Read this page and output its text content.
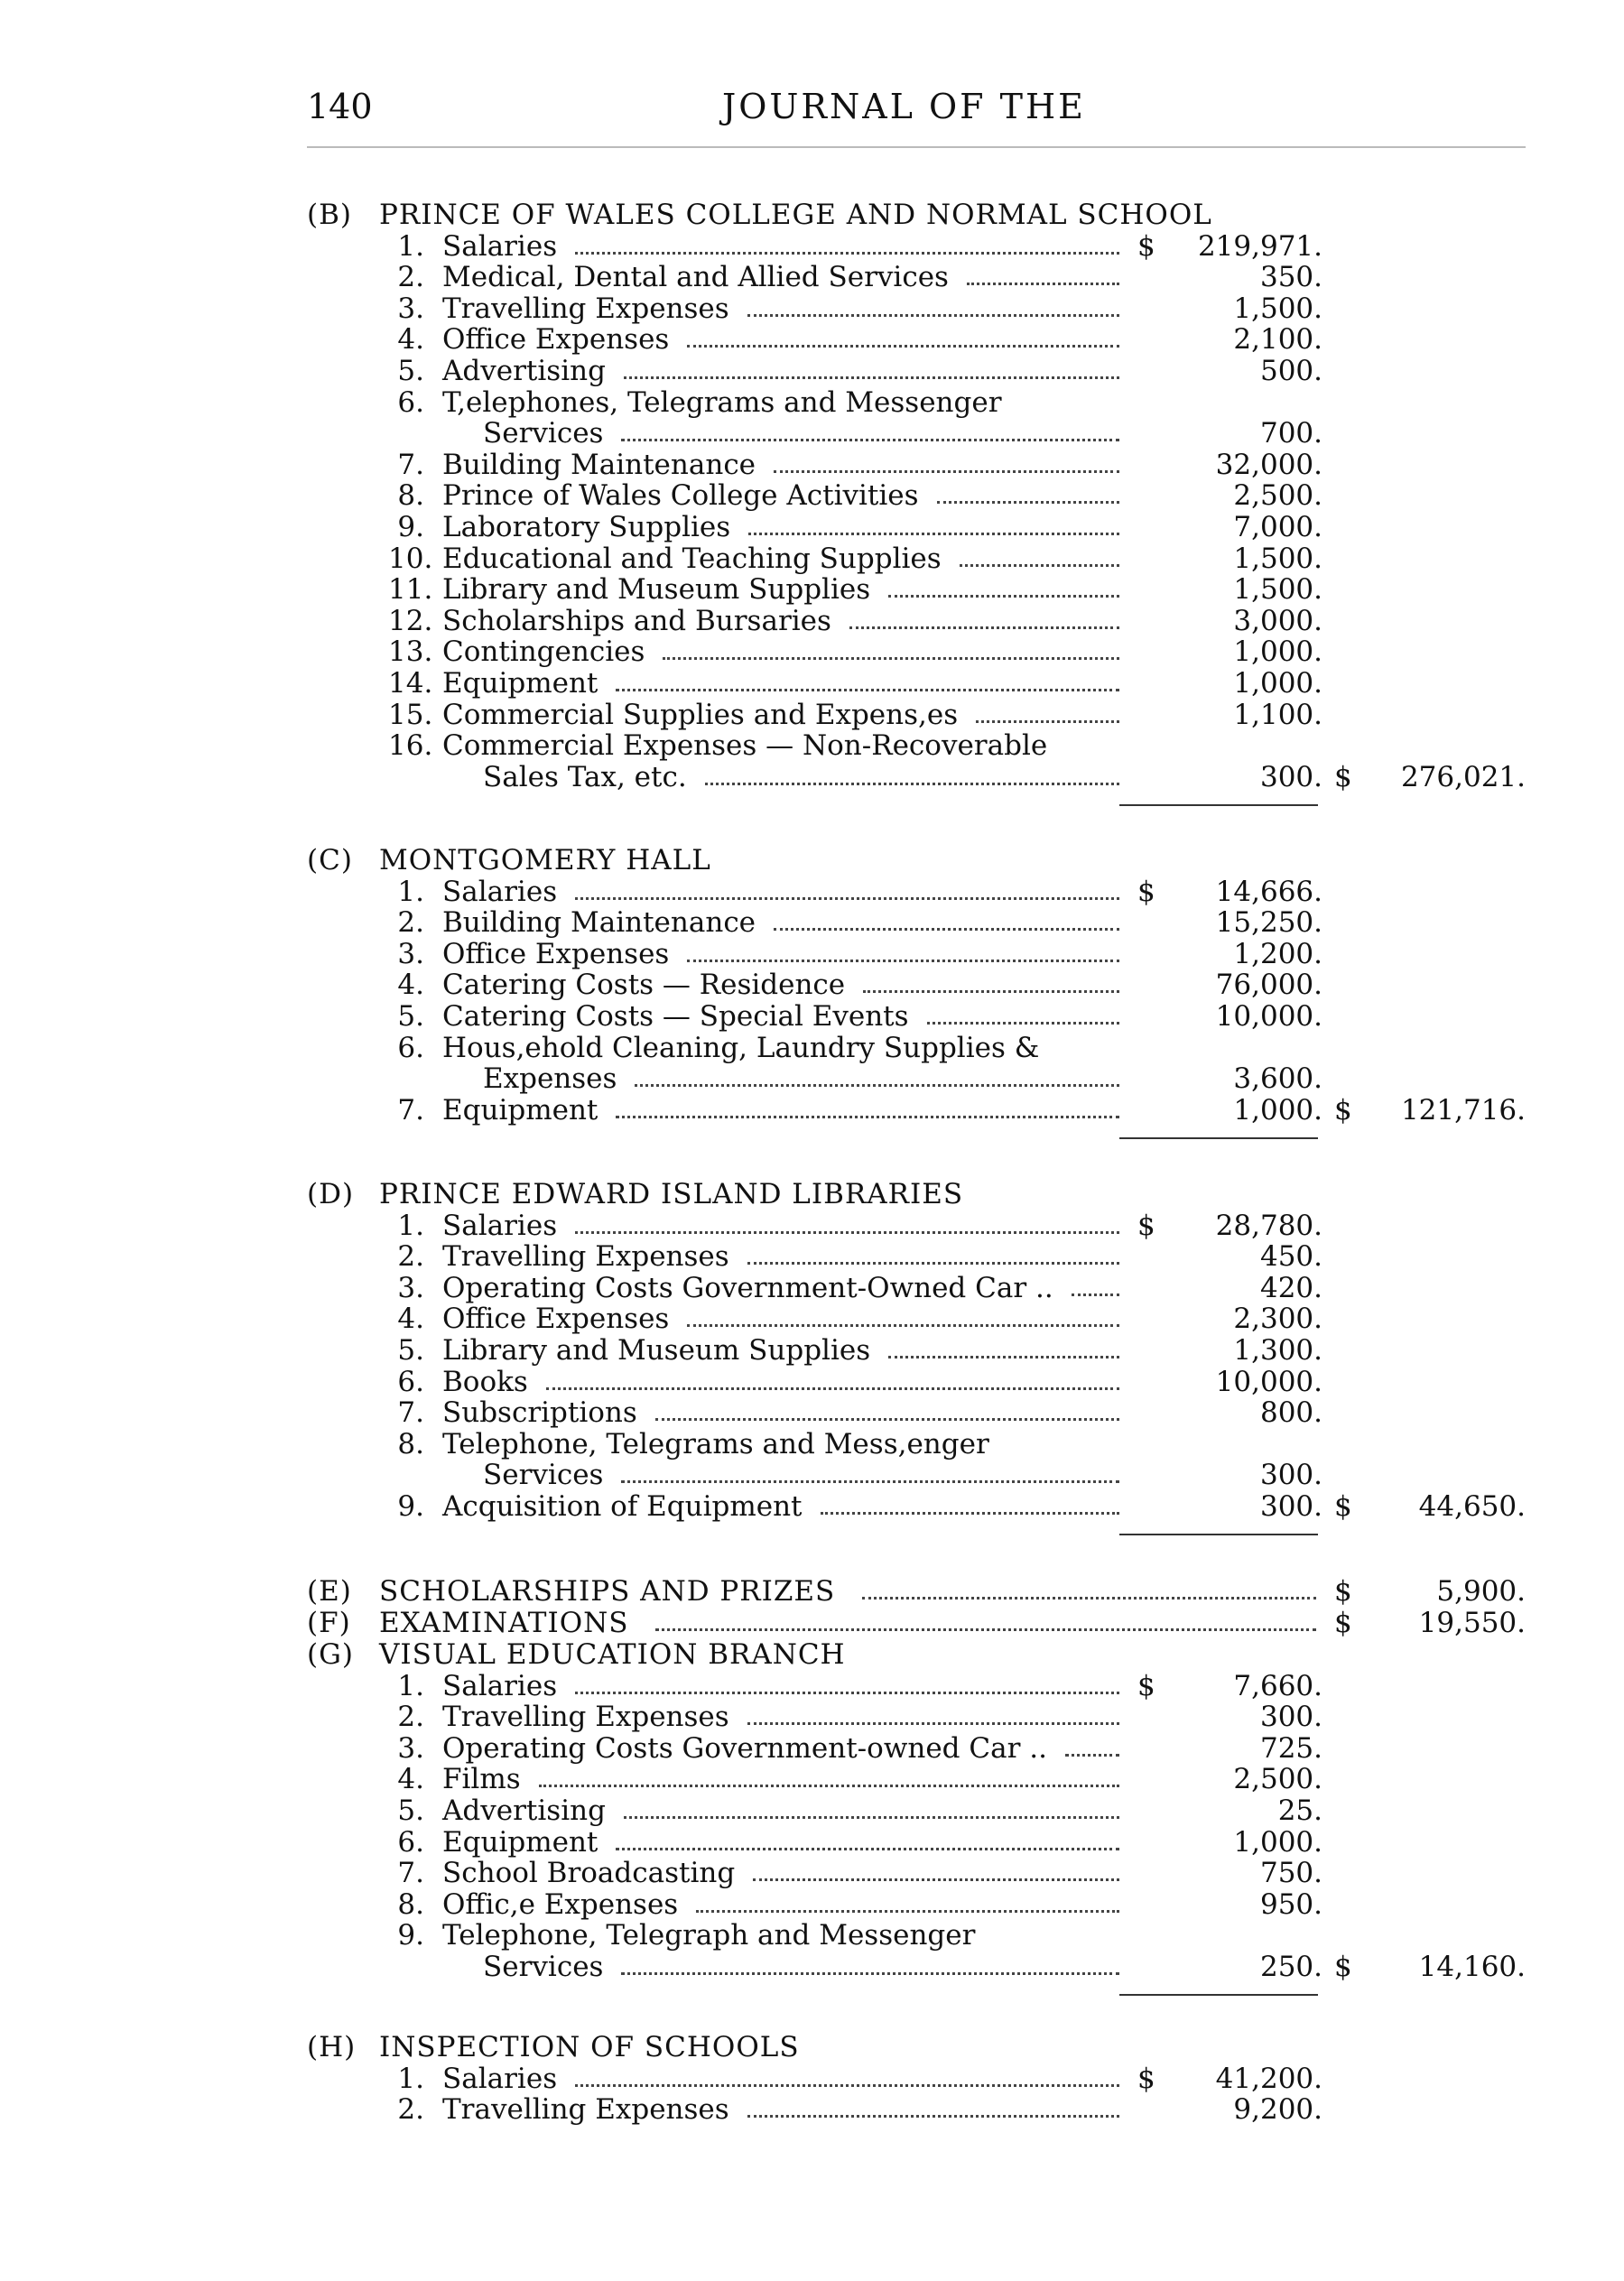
140	JOURNAL OF THE
(B) PRINCE OF WALES COLLEGE AND NORMAL SCHOOL
1. Salaries	$	219,971.
2. Medical, Dental and Allied Services	350.
3. Travelling Expenses	1,500.
4. Office Expenses	2,100.
5. Advertising	500.
6. T,elephones, Telegrams and Messenger
Services	700.
7. Building Maintenance	32,000.
8. Prince of Wales College Activities	2,500.
9. Laboratory Supplies	7,000.
10. Educational and Teaching Supplies	1,500.
11. Library and Museum Supplies	1,500.
12. Scholarships and Bursaries	3,000.
13. Contingencies	1,000.
14. Equipment	1,000.
15. Commercial Supplies and Expens,es	1,100.
16. Commercial Expenses — Non-Recoverable
Sales Tax, etc.	300. $	276,021.
(C) MONTGOMERY HALL
1. Salaries	$	14,666.
2. Building Maintenance	15,250.
3. Office Expenses	1,200.
4. Catering Costs — Residence	76,000.
5. Catering Costs — Special Events	10,000.
6. Hous,ehold Cleaning, Laundry Supplies &
Expenses	3,600.
7. Equipment	1,000. $	121,716.
(D) PRINCE EDWARD ISLAND LIBRARIES
1. Salaries	$	28,780.
2. Travelling Expenses	450.
3. Operating Costs Government-Owned Car ..	420.
4. Office Expenses	2,300.
5. Library and Museum Supplies	1,300.
6. Books	10,000.
7. Subscriptions	800.
8. Telephone, Telegrams and Mess,enger
Services	300.
9. Acquisition of Equipment	300. $	44,650.
(E) SCHOLARSHIPS AND PRIZES	$	5,900.
(F) EXAMINATIONS	$	19,550.
(G) VISUAL EDUCATION BRANCH
1. Salaries	$	7,660.
2. Travelling Expenses	300.
3. Operating Costs Government-owned Car ..	725.
4. Films	2,500.
5. Advertising	25.
6. Equipment	1,000.
7. School Broadcasting	750.
8. Offic,e Expenses	950.
9. Telephone, Telegraph and Messenger
Services	250. $	14,160.
(H) INSPECTION OF SCHOOLS
1. Salaries	$	41,200.
2. Travelling Expenses	9,200.
